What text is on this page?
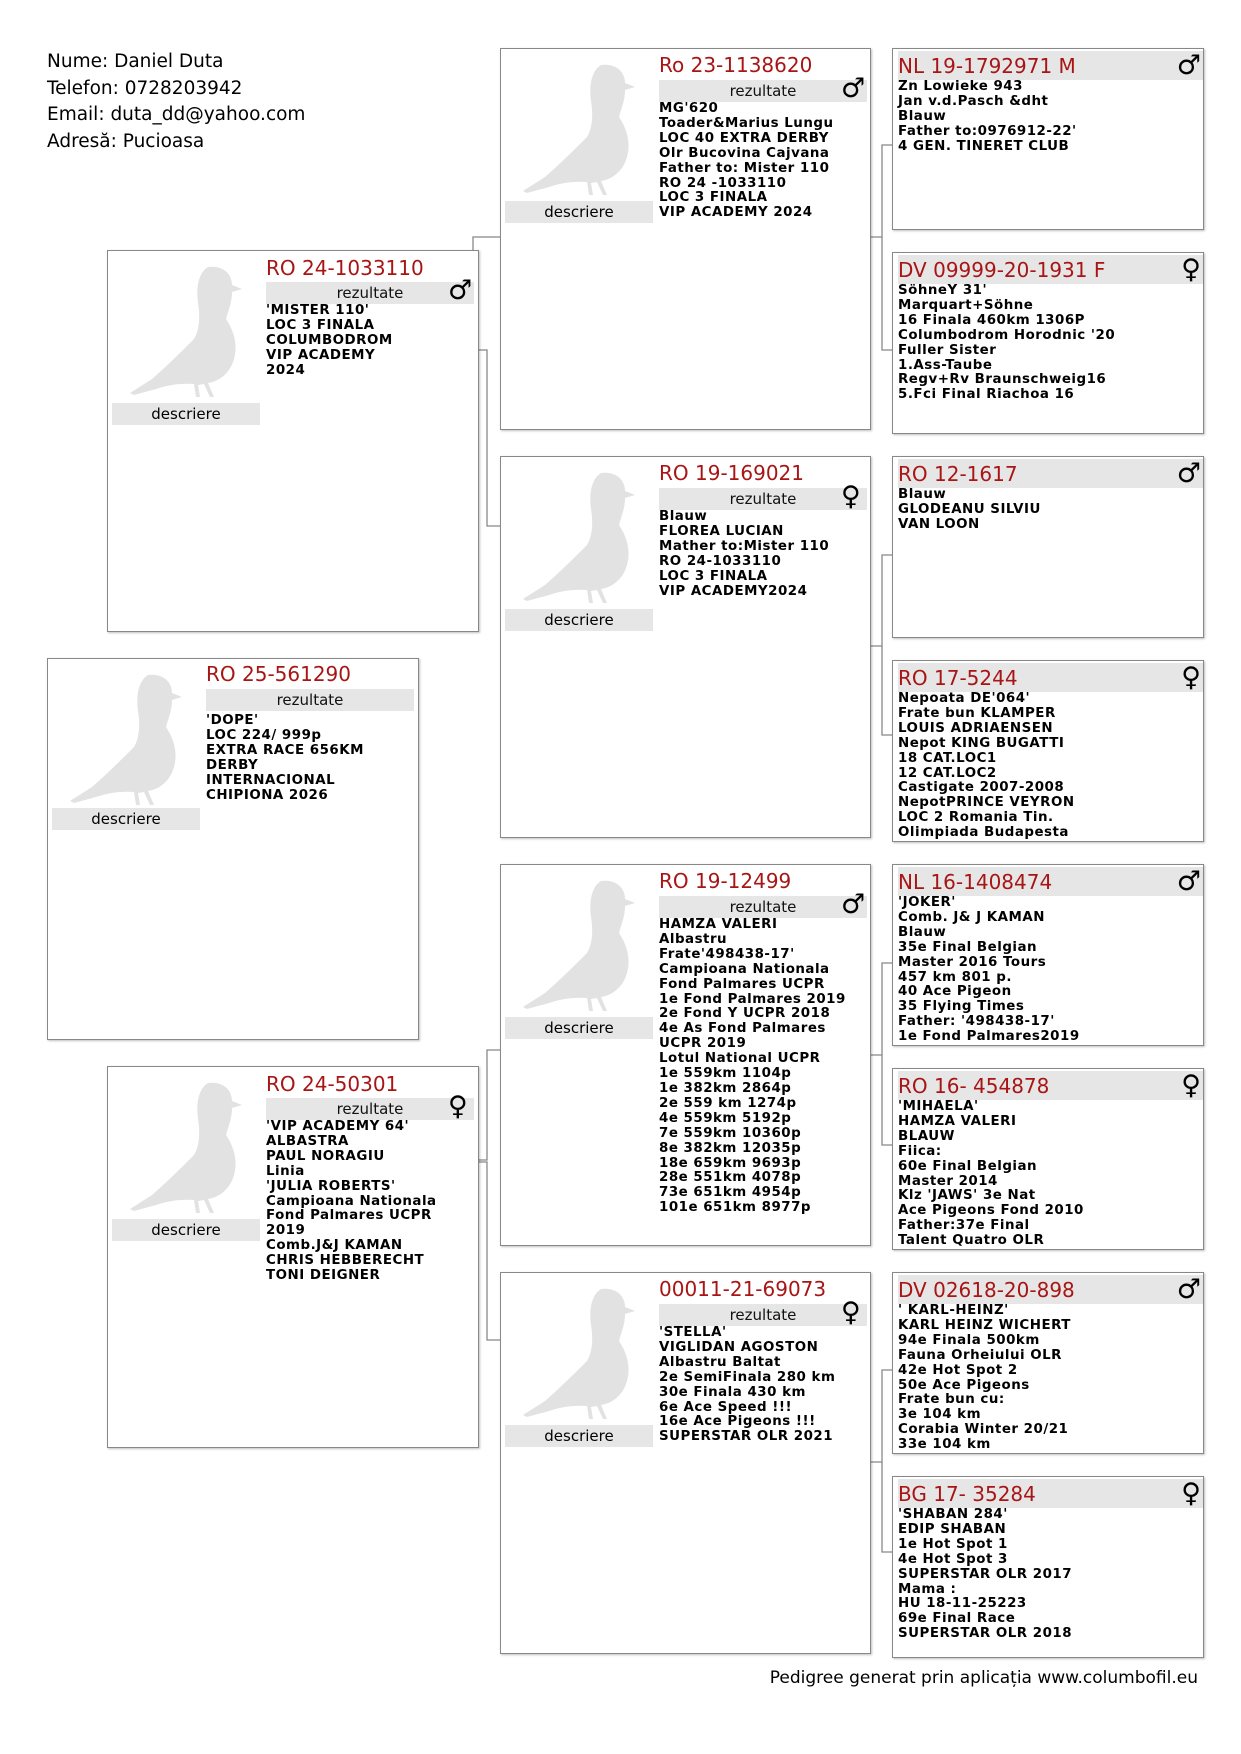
Nume: Daniel Duta
Telefon: 0728203942
Email: duta_dd@yahoo.com
Adresă: Pucioasa
descriere
RO 25-561290
rezultate
'DOPE'
LOC 224/ 999p
EXTRA RACE 656KM
DERBY
INTERNACIONAL
CHIPIONA 2026
descriere
RO 24-1033110
rezultate	♂
'MISTER 110'
LOC 3 FINALA
COLUMBODROM
VIP ACADEMY
2024
descriere
RO 24-50301
rezultate	♀
'VIP ACADEMY 64'
ALBASTRA
PAUL NORAGIU
Linia
'JULIA ROBERTS'
Campioana Nationala
Fond Palmares UCPR
2019
Comb.J&J KAMAN
CHRIS HEBBERECHT
TONI DEIGNER
descriere
Ro 23-1138620
rezultate	♂
MG'620
Toader&Marius Lungu
LOC 40 EXTRA DERBY
Olr Bucovina Cajvana
Father to: Mister 110
RO 24 -1033110
LOC 3 FINALA
VIP ACADEMY 2024
descriere
RO 19-169021
rezultate	♀
Blauw
FLOREA LUCIAN
Mather to:Mister 110
RO 24-1033110
LOC 3 FINALA
VIP ACADEMY2024
descriere
RO 19-12499
rezultate	♂
HAMZA VALERI
Albastru
Frate'498438-17'
Campioana Nationala
Fond Palmares UCPR
1e Fond Palmares 2019
2e Fond Y UCPR 2018
4e As Fond Palmares
UCPR 2019
Lotul National UCPR
1e 559km 1104p
1e 382km 2864p
2e 559 km 1274p
4e 559km 5192p
7e 559km 10360p
8e 382km 12035p
18e 659km 9693p
28e 551km 4078p
73e 651km 4954p
101e 651km 8977p
descriere
00011-21-69073
rezultate	♀
'STELLA'
VIGLIDAN AGOSTON
Albastru Baltat
2e SemiFinala 280 km
30e Finala 430 km
6e Ace Speed !!!
16e Ace Pigeons !!!
SUPERSTAR OLR 2021
NL 19-1792971 M	♂
Zn Lowieke 943
Jan v.d.Pasch &dht
Blauw
Father to:0976912-22'
4 GEN. TINERET CLUB
DV 09999-20-1931 F	♀
SöhneY 31'
Marquart+Söhne
16 Finala 460km 1306P
Columbodrom Horodnic '20
Fuller Sister
1.Ass-Taube
Regv+Rv Braunschweig16
5.Fci Final Riachoa 16
RO 12-1617	♂
Blauw
GLODEANU SILVIU
VAN LOON
RO 17-5244	♀
Nepoata DE'064'
Frate bun KLAMPER
LOUIS ADRIAENSEN
Nepot KING BUGATTI
18 CAT.LOC1
12 CAT.LOC2
Castigate 2007-2008
NepotPRINCE VEYRON
LOC 2 Romania Tin.
Olimpiada Budapesta
NL 16-1408474	♂
'JOKER'
Comb. J& J KAMAN
Blauw
35e Final Belgian
Master 2016 Tours
457 km 801 p.
40 Ace Pigeon
35 Flying Times
Father: '498438-17'
1e Fond Palmares2019
RO 16- 454878	♀
'MIHAELA'
HAMZA VALERI
BLAUW
Fiica:
60e Final Belgian
Master 2014
Klz 'JAWS' 3e Nat
Ace Pigeons Fond 2010
Father:37e Final
Talent Quatro OLR
DV 02618-20-898	♂
' KARL-HEINZ'
KARL HEINZ WICHERT
94e Finala 500km
Fauna Orheiului OLR
42e Hot Spot 2
50e Ace Pigeons
Frate bun cu:
3e 104 km
Corabia Winter 20/21
33e 104 km
BG 17- 35284	♀
'SHABAN 284'
EDIP SHABAN
1e Hot Spot 1
4e Hot Spot 3
SUPERSTAR OLR 2017
Mama :
HU 18-11-25223
69e Final Race
SUPERSTAR OLR 2018
Pedigree generat prin aplicația www.columbofil.eu
